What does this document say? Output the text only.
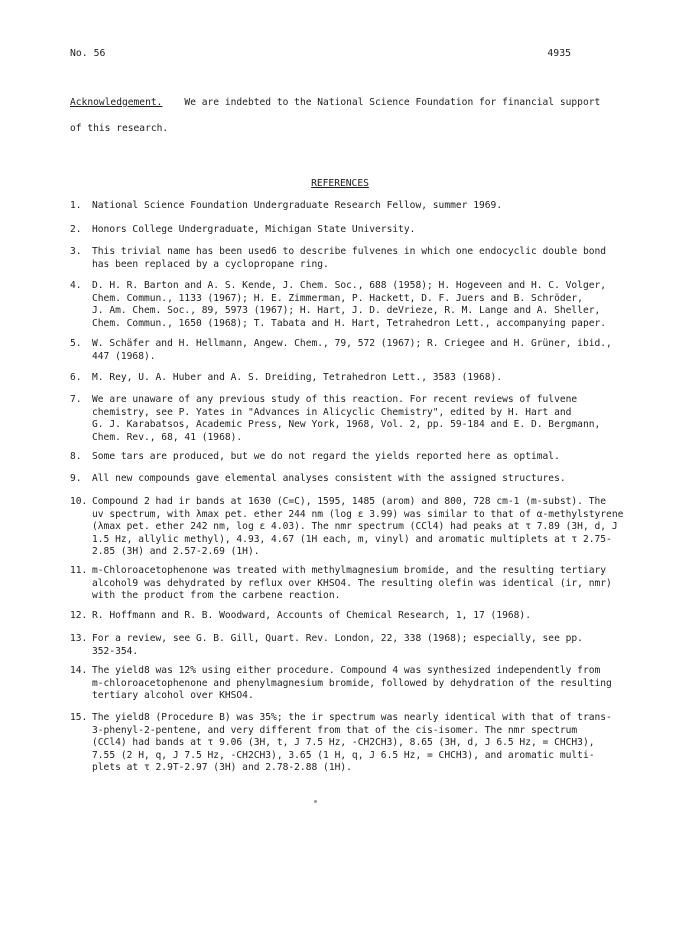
No. 56	4935
Acknowledgement. We are indebted to the National Science Foundation for financial support
of this research.
REFERENCES
1.	National Science Foundation Undergraduate Research Fellow, summer 1969.
2.	Honors College Undergraduate, Michigan State University.
3.	This trivial name has been used6 to describe fulvenes in which one endocyclic double bond
has been replaced by a cyclopropane ring.
4.	D. H. R. Barton and A. S. Kende, J. Chem. Soc., 688 (1958); H. Hogeveen and H. C. Volger,
Chem. Commun., 1133 (1967); H. E. Zimmerman, P. Hackett, D. F. Juers and B. Schröder,
J. Am. Chem. Soc., 89, 5973 (1967); H. Hart, J. D. deVrieze, R. M. Lange and A. Sheller,
Chem. Commun., 1650 (1968); T. Tabata and H. Hart, Tetrahedron Lett., accompanying paper.
5.	W. Schäfer and H. Hellmann, Angew. Chem., 79, 572 (1967); R. Criegee and H. Grüner, ibid.,
447 (1968).
6.	M. Rey, U. A. Huber and A. S. Dreiding, Tetrahedron Lett., 3583 (1968).
7.	We are unaware of any previous study of this reaction. For recent reviews of fulvene
chemistry, see P. Yates in "Advances in Alicyclic Chemistry", edited by H. Hart and
G. J. Karabatsos, Academic Press, New York, 1968, Vol. 2, pp. 59-184 and E. D. Bergmann,
Chem. Rev., 68, 41 (1968).
8.	Some tars are produced, but we do not regard the yields reported here as optimal.
9.	All new compounds gave elemental analyses consistent with the assigned structures.
10. Compound 2 had ir bands at 1630 (C=C), 1595, 1485 (arom) and 800, 728 cm-1 (m-subst). The
uv spectrum, with λmax pet. ether 244 nm (log ε 3.99) was similar to that of α-methylstyrene
(λmax pet. ether 242 nm, log ε 4.03). The nmr spectrum (CCl4) had peaks at τ 7.89 (3H, d, J
1.5 Hz, allylic methyl), 4.93, 4.67 (1H each, m, vinyl) and aromatic multiplets at τ 2.75-
2.85 (3H) and 2.57-2.69 (1H).
11. m-Chloroacetophenone was treated with methylmagnesium bromide, and the resulting tertiary
alcohol9 was dehydrated by reflux over KHSO4. The resulting olefin was identical (ir, nmr)
with the product from the carbene reaction.
12. R. Hoffmann and R. B. Woodward, Accounts of Chemical Research, 1, 17 (1968).
13. For a review, see G. B. Gill, Quart. Rev. London, 22, 338 (1968); especially, see pp.
352-354.
14. The yield8 was 12% using either procedure. Compound 4 was synthesized independently from
m-chloroacetophenone and phenylmagnesium bromide, followed by dehydration of the resulting
tertiary alcohol over KHSO4.
15. The yield8 (Procedure B) was 35%; the ir spectrum was nearly identical with that of trans-
3-phenyl-2-pentene, and very different from that of the cis-isomer. The nmr spectrum
(CCl4) had bands at τ 9.06 (3H, t, J 7.5 Hz, -CH2CH3), 8.65 (3H, d, J 6.5 Hz, = CHCH3),
7.55 (2 H, q, J 7.5 Hz, -CH2CH3), 3.65 (1 H, q, J 6.5 Hz, = CHCH3), and aromatic multi-
plets at τ 2.9T-2.97 (3H) and 2.78-2.88 (1H).
